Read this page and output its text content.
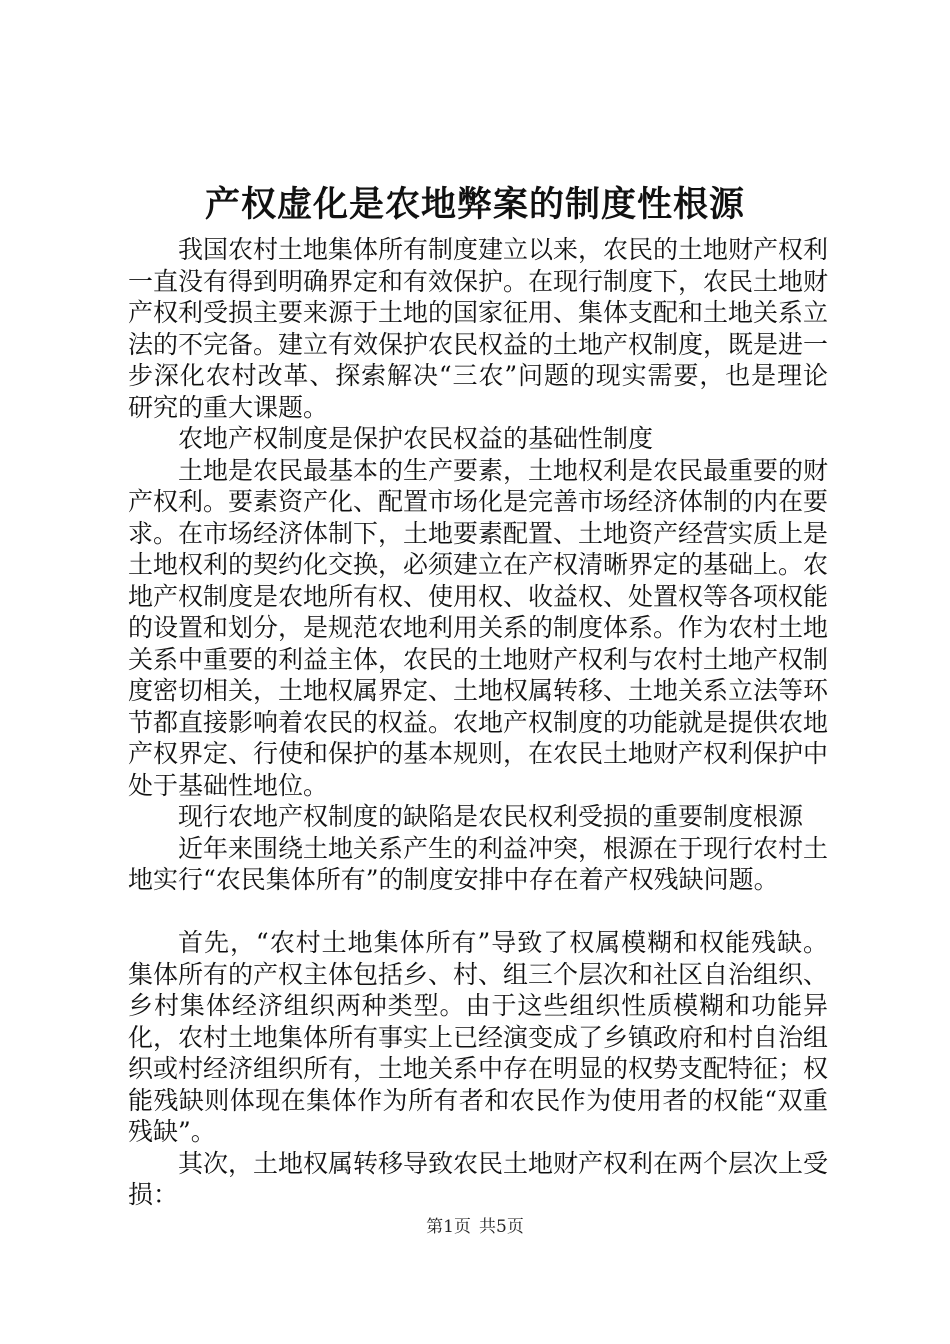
产权虚化是农地弊案的制度性根源

我国农村土地集体所有制度建立以来，农民的土地财产权利一直没有得到明确界定和有效保护。在现行制度下，农民土地财产权利受损主要来源于土地的国家征用、集体支配和土地关系立法的不完备。建立有效保护农民权益的土地产权制度，既是进一步深化农村改革、探索解决“三农”问题的现实需要，也是理论研究的重大课题。

农地产权制度是保护农民权益的基础性制度

土地是农民最基本的生产要素，土地权利是农民最重要的财产权利。要素资产化、配置市场化是完善市场经济体制的内在要求。在市场经济体制下，土地要素配置、土地资产经营实质上是土地权利的契约化交换，必须建立在产权清晰界定的基础上。农地产权制度是农地所有权、使用权、收益权、处置权等各项权能的设置和划分，是规范农地利用关系的制度体系。作为农村土地关系中重要的利益主体，农民的土地财产权利与农村土地产权制度密切相关，土地权属界定、土地权属转移、土地关系立法等环节都直接影响着农民的权益。农地产权制度的功能就是提供农地产权界定、行使和保护的基本规则，在农民土地财产权利保护中处于基础性地位。

现行农地产权制度的缺陷是农民权利受损的重要制度根源

近年来围绕土地关系产生的利益冲突，根源在于现行农村土地实行“农民集体所有”的制度安排中存在着产权残缺问题。

首先，“农村土地集体所有”导致了权属模糊和权能残缺。集体所有的产权主体包括乡、村、组三个层次和社区自治组织、乡村集体经济组织两种类型。由于这些组织性质模糊和功能异化，农村土地集体所有事实上已经演变成了乡镇政府和村自治组织或村经济组织所有，土地关系中存在明显的权势支配特征；权能残缺则体现在集体作为所有者和农民作为使用者的权能“双重残缺”。

其次，土地权属转移导致农民土地财产权利在两个层次上受损：

第1页 共5页
